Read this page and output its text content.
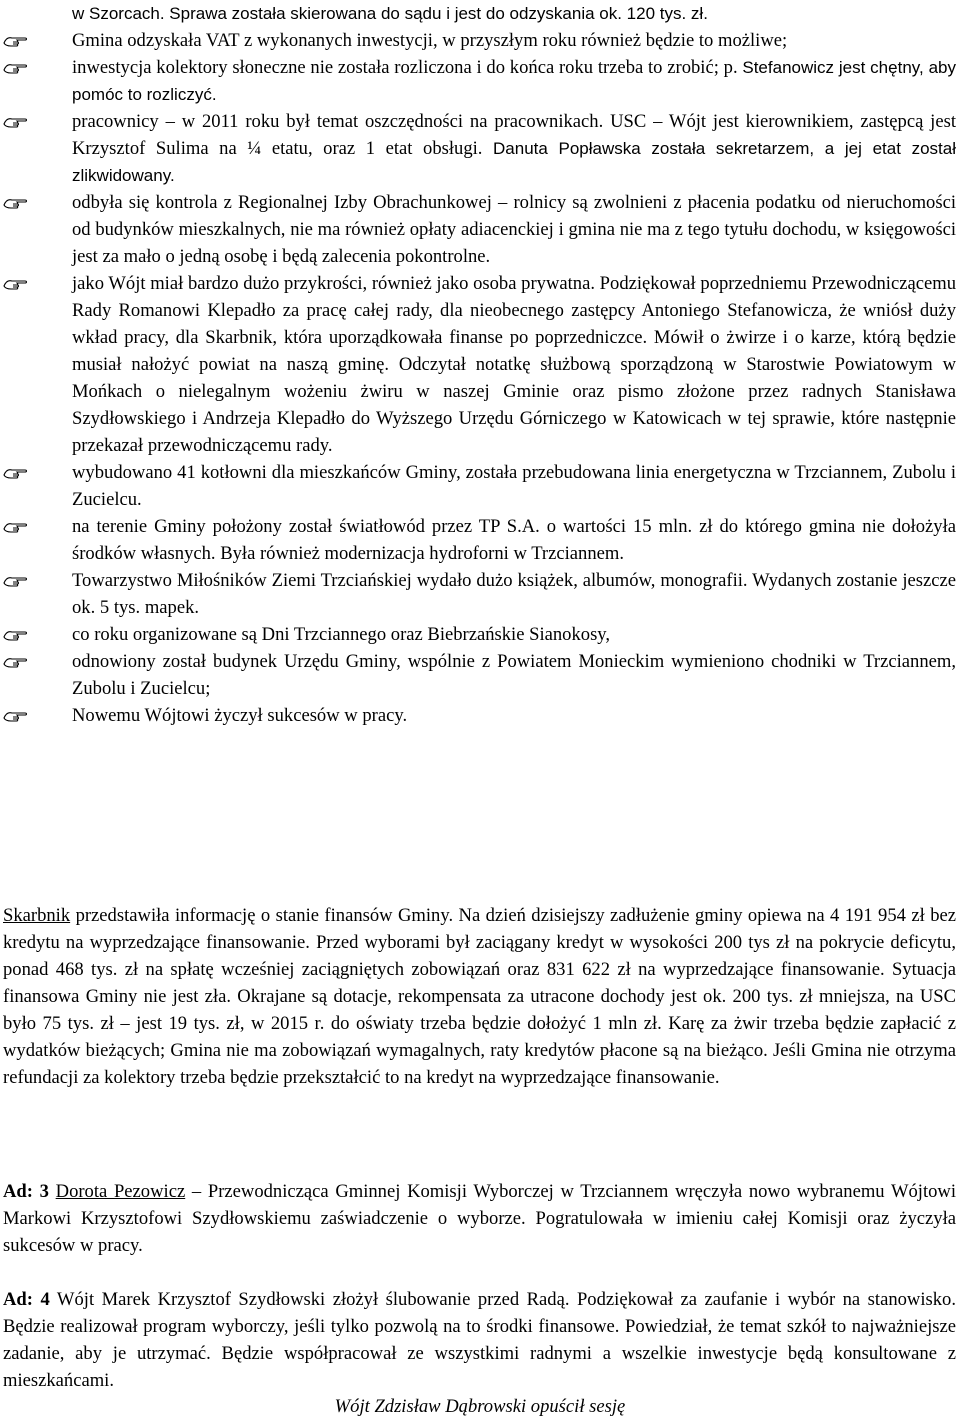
w Szorcach. Sprawa została skierowana do sądu i jest do odzyskania ok. 120 tys. zł.
Gmina odzyskała VAT z wykonanych inwestycji, w przyszłym roku również będzie to możliwe;
inwestycja kolektory słoneczne nie została rozliczona i do końca roku trzeba to zrobić; p. Stefanowicz jest chętny, aby pomóc to rozliczyć.
pracownicy – w 2011 roku był temat oszczędności na pracownikach. USC – Wójt jest kierownikiem, zastępcą jest Krzysztof Sulima na ¼ etatu, oraz 1 etat obsługi. Danuta Popławska została sekretarzem, a jej etat został zlikwidowany.
odbyła się kontrola z Regionalnej Izby Obrachunkowej – rolnicy są zwolnieni z płacenia podatku od nieruchomości od budynków mieszkalnych, nie ma również opłaty adiacenckiej i gmina nie ma z tego tytułu dochodu, w księgowości jest za mało o jedną osobę i będą zalecenia pokontrolne.
jako Wójt miał bardzo dużo przykrości, również jako osoba prywatna. Podziękował poprzedniemu Przewodniczącemu Rady Romanowi Klepadło za pracę całej rady, dla nieobecnego zastępcy Antoniego Stefanowicza, że wniósł duży wkład pracy, dla Skarbnik, która uporządkowała finanse po poprzedniczce. Mówił o żwirze i o karze, którą będzie musiał nałożyć powiat na naszą gminę. Odczytał notatkę służbową sporządzoną w Starostwie Powiatowym w Mońkach o nielegalnym wożeniu żwiru w naszej Gminie oraz pismo złożone przez radnych Stanisława Szydłowskiego i Andrzeja Klepadło do Wyższego Urzędu Górniczego w Katowicach w tej sprawie, które następnie przekazał przewodniczącemu rady.
wybudowano 41 kotłowni dla mieszkańców Gminy, została przebudowana linia energetyczna w Trzciannem, Zubolu i Zucielcu.
na terenie Gminy położony został światłowód przez TP S.A. o wartości 15 mln. zł do którego gmina nie dołożyła środków własnych. Była również modernizacja hydroforni w Trzciannem.
Towarzystwo Miłośników Ziemi Trzciańskiej wydało dużo książek, albumów, monografii. Wydanych zostanie jeszcze ok. 5 tys. mapek.
co roku organizowane są Dni Trzciannego oraz Biebrzańskie Sianokosy,
odnowiony został budynek Urzędu Gminy, wspólnie z Powiatem Monieckim wymieniono chodniki w Trzciannem, Zubolu i Zucielcu;
Nowemu Wójtowi życzył sukcesów w pracy.
Skarbnik przedstawiła informację o stanie finansów Gminy. Na dzień dzisiejszy zadłużenie gminy opiewa na 4 191 954 zł bez kredytu na wyprzedzające finansowanie. Przed wyborami był zaciągany kredyt w wysokości 200 tys zł na pokrycie deficytu, ponad 468 tys. zł na spłatę wcześniej zaciągniętych zobowiązań oraz 831 622 zł na wyprzedzające finansowanie. Sytuacja finansowa Gminy nie jest zła. Okrajane są dotacje, rekompensata za utracone dochody jest ok. 200 tys. zł mniejsza, na USC było 75 tys. zł – jest 19 tys. zł, w 2015 r. do oświaty trzeba będzie dołożyć 1 mln zł. Karę za żwir trzeba będzie zapłacić z wydatków bieżących; Gmina nie ma zobowiązań wymagalnych, raty kredytów płacone są na bieżąco. Jeśli Gmina nie otrzyma refundacji za kolektory trzeba będzie przekształcić to na kredyt na wyprzedzające finansowanie.
Ad: 3 Dorota Pezowicz – Przewodnicząca Gminnej Komisji Wyborczej w Trzciannem wręczyła nowo wybranemu Wójtowi Markowi Krzysztofowi Szydłowskiemu zaświadczenie o wyborze. Pogratulowała w imieniu całej Komisji oraz życzyła sukcesów w pracy.
Ad: 4 Wójt Marek Krzysztof Szydłowski złożył ślubowanie przed Radą. Podziękował za zaufanie i wybór na stanowisko. Będzie realizował program wyborczy, jeśli tylko pozwolą na to środki finansowe. Powiedział, że temat szkół to najważniejsze zadanie, aby je utrzymać. Będzie współpracował ze wszystkimi radnymi a wszelkie inwestycje będą konsultowane z mieszkańcami.
Wójt Zdzisław Dąbrowski opuścił sesję
